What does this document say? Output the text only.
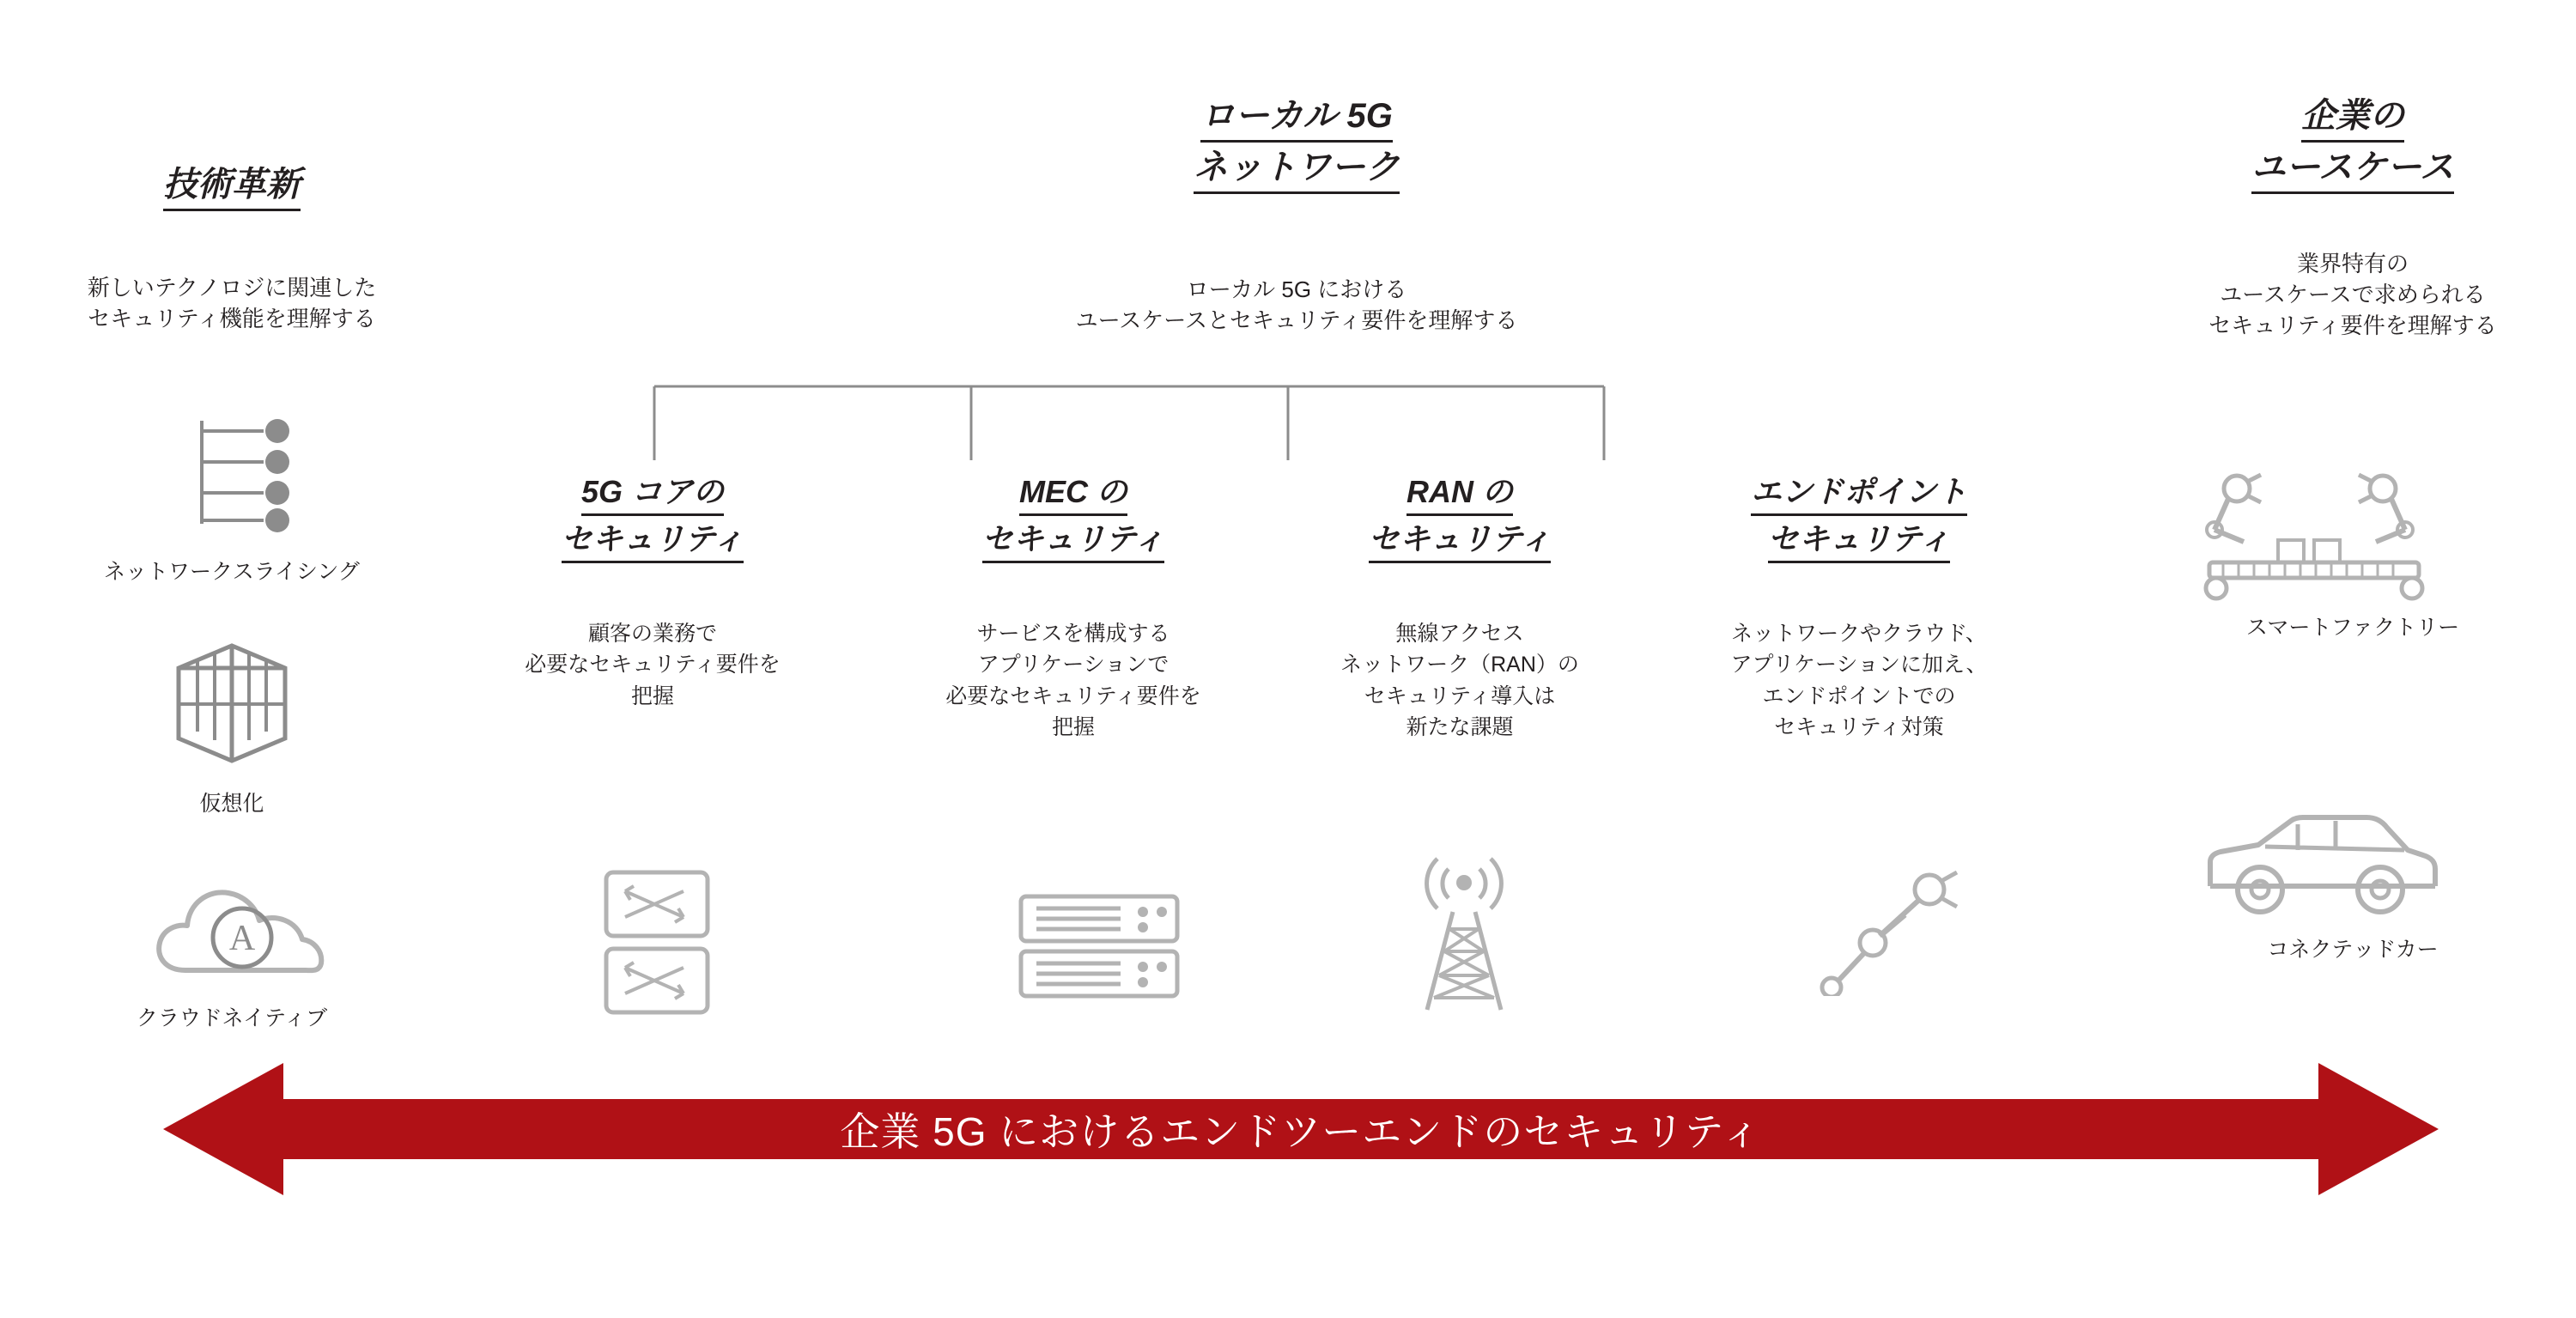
技術革新
新しいテクノロジに関連した
セキュリティ機能を理解する
ネットワークスライシング
仮想化
A
クラウドネイティブ
ローカル 5G
ネットワーク
ローカル 5G における
ユースケースとセキュリティ要件を理解する
5G コアの
セキュリティ
顧客の業務で
必要なセキュリティ要件を
把握
MEC の
セキュリティ
サービスを構成する
アプリケーションで
必要なセキュリティ要件を
把握
RAN の
セキュリティ
無線アクセス
ネットワーク（RAN）の
セキュリティ導入は
新たな課題
エンドポイント
セキュリティ
ネットワークやクラウド、
アプリケーションに加え、
エンドポイントでの
セキュリティ対策
企業の
ユースケース
業界特有の
ユースケースで求められる
セキュリティ要件を理解する
スマートファクトリー
コネクテッドカー
企業 5G におけるエンドツーエンドのセキュリティ
